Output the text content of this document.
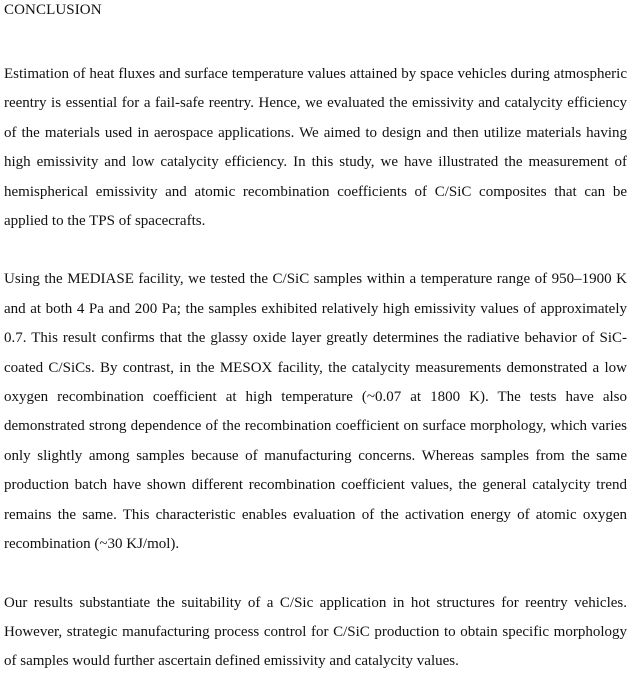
CONCLUSION

Estimation of heat fluxes and surface temperature values attained by space vehicles during atmospheric reentry is essential for a fail-safe reentry. Hence, we evaluated the emissivity and catalycity efficiency of the materials used in aerospace applications. We aimed to design and then utilize materials having high emissivity and low catalycity efficiency. In this study, we have illustrated the measurement of hemispherical emissivity and atomic recombination coefficients of C/SiC composites that can be applied to the TPS of spacecrafts.

Using the MEDIASE facility, we tested the C/SiC samples within a temperature range of 950–1900 K and at both 4 Pa and 200 Pa; the samples exhibited relatively high emissivity values of approximately 0.7. This result confirms that the glassy oxide layer greatly determines the radiative behavior of SiC-coated C/SiCs. By contrast, in the MESOX facility, the catalycity measurements demonstrated a low oxygen recombination coefficient at high temperature (~0.07 at 1800 K). The tests have also demonstrated strong dependence of the recombination coefficient on surface morphology, which varies only slightly among samples because of manufacturing concerns. Whereas samples from the same production batch have shown different recombination coefficient values, the general catalycity trend remains the same. This characteristic enables evaluation of the activation energy of atomic oxygen recombination (~30 KJ/mol).

Our results substantiate the suitability of a C/Sic application in hot structures for reentry vehicles. However, strategic manufacturing process control for C/SiC production to obtain specific morphology of samples would further ascertain defined emissivity and catalycity values.
